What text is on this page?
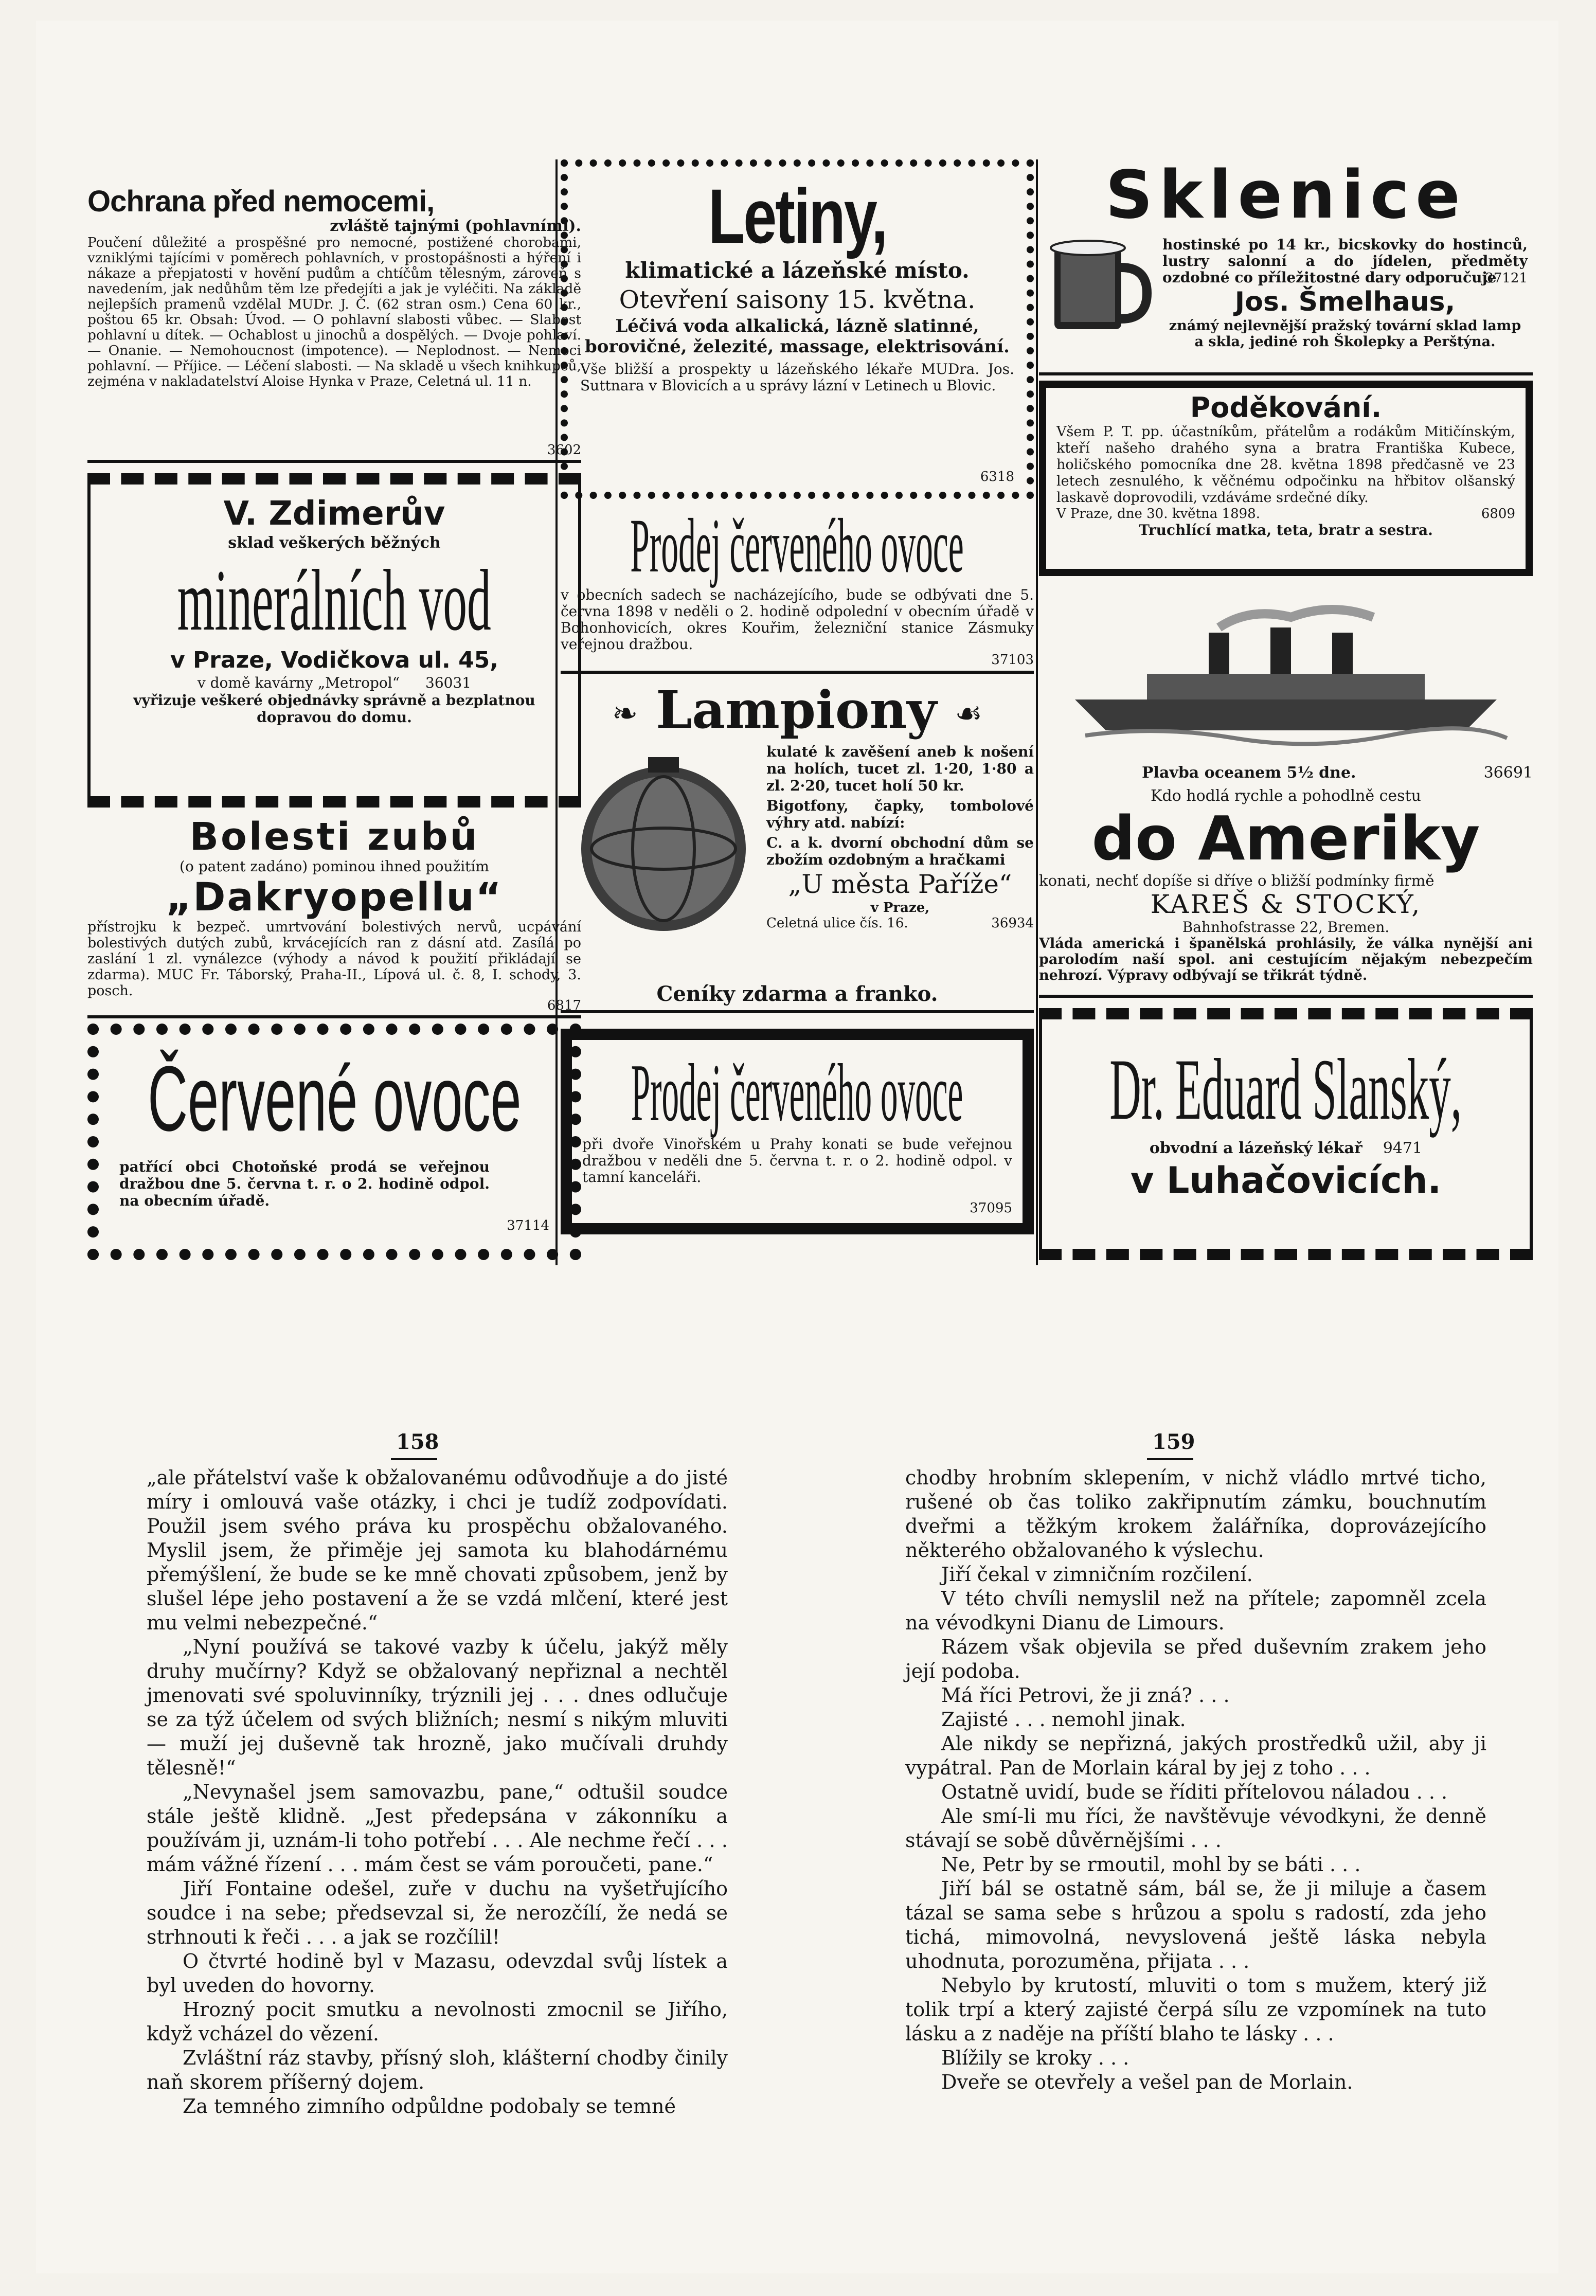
Ochrana před nemocemi,

zvláště tajnými (pohlavními).

Poučení důležité a prospěšné pro nemocné, postižené chorobami, vzniklými tajícími v poměrech pohlavních, v prostopášnosti a hýření i nákaze a přepjatosti v hovění pudům a chtíčům tělesným, zároveň s navedením, jak nedůhům těm lze předejíti a jak je vyléčiti. Na základě nejlepších pramenů vzdělal MUDr. J. Č. (62 stran osm.) Cena 60 kr., poštou 65 kr. Obsah: Úvod. — O pohlavní slabosti vůbec. — Slabost pohlavní u dítek. — Ochablost u jinochů a dospělých. — Dvoje pohlaví. — Onanie. — Nemohoucnost (impotence). — Neplodnost. — Nemoci pohlavní. — Příjice. — Léčení slabosti. — Na skladě u všech knihkupců, zejména v nakladatelství Aloise Hynka v Praze, Celetná ul. 11 n.

3602
Letiny,
klimatické a lázeňské místo.
Otevření saisony 15. května.

Léčivá voda alkalická, lázně slatinné, borovičné, železité, massage, elektrisování.

Vše bližší a prospekty u lázeňského lékaře MUDra. Jos. Suttnara v Blovicích a u správy lázní v Letinech u Blovic.

6318
Sklenice

hostinské po 14 kr., bicskovky do hostinců, lustry salonní a do jídelen, předměty ozdobné co příležitostné dary odporučuje

37121
Jos. Šmelhaus,

známý nejlevnější pražský tovární sklad lamp a skla, jediné roh Školepky a Perštýna.

Poděkování.

Všem P. T. pp. účastníkům, přátelům a rodákům Mitičínským, kteří našeho drahého syna a bratra Františka Kubece, holičského pomocníka dne 28. května 1898 předčasně ve 23 letech zesnulého, k věčnému odpočinku na hřbitov olšanský laskavě doprovodili, vzdáváme srdečné díky.

V Praze, dne 30. května 1898.	6809
Truchlící matka, teta, bratr a sestra.
V. Zdimerův
sklad veškerých běžných
minerálních vod
v Praze, Vodičkova ul. 45,
v domě kavárny „Metropol“ 36031

vyřizuje veškeré objednávky správně a bezplatnou dopravou do domu.

Prodej červeného ovoce

v obecních sadech se nacházejícího, bude se odbývati dne 5. června 1898 v neděli o 2. hodině odpolední v obecním úřadě v Bohonhovicích, okres Kouřim, železniční stanice Zásmuky veřejnou dražbou.

37103
❧ Lampiony ☙

kulaté k zavěšení aneb k nošení na holích, tucet zl. 1·20, 1·80 a zl. 2·20, tucet holí 50 kr.

Bigotfony, čapky, tombolové výhry atd. nabízí:

C. a k. dvorní obchodní dům se zbožím ozdobným a hračkami

„U města Paříže“
v Praze,
Celetná ulice čís. 16.	36934
Ceníky zdarma a franko.
Plavba oceanem 5½ dne.	36691
Kdo hodlá rychle a pohodlně cestu
do Ameriky

konati, nechť dopíše si dříve o bližší podmínky firmě

KAREŠ & STOCKÝ,
Bahnhofstrasse 22, Bremen.

Vláda americká i španělská prohlásily, že válka nynější ani parolodím naší spol. ani cestujícím nějakým nebezpečím nehrozí. Výpravy odbývají se třikrát týdně.

Bolesti zubů
(o patent zadáno) pominou ihned použitím
„Dakryopellu“

přístrojku k bezpeč. umrtvování bolestivých nervů, ucpávání bolestivých dutých zubů, krvácejících ran z dásní atd. Zasílá po zaslání 1 zl. vynálezce (výhody a návod k použití přikládají se zdarma). MUC Fr. Táborský, Praha-II., Lípová ul. č. 8, I. schody, 3. posch.

6817
Červené ovoce

patřící obci Chotoňské prodá se veřejnou dražbou dne 5. června t. r. o 2. hodině odpol. na obecním úřadě.

37114
Prodej červeného ovoce

při dvoře Vinořském u Prahy konati se bude veřejnou dražbou v neděli dne 5. června t. r. o 2. hodině odpol. v tamní kanceláři.

37095
Dr. Eduard Slanský,
obvodní a lázeňský lékař 9471
v Luhačovicích.
158	159

„ale přátelství vaše k obžalovanému odůvodňuje a do jisté míry i omlouvá vaše otázky, i chci je tudíž zodpovídati. Použil jsem svého práva ku prospěchu obžalovaného. Myslil jsem, že přiměje jej samota ku blahodárnému přemýšlení, že bude se ke mně chovati způsobem, jenž by slušel lépe jeho postavení a že se vzdá mlčení, které jest mu velmi nebezpečné.“

„Nyní používá se takové vazby k účelu, jakýž měly druhy mučírny? Když se obžalovaný nepřiznal a nechtěl jmenovati své spoluvinníky, trýznili jej . . . dnes odlučuje se za týž účelem od svých bližních; nesmí s nikým mluviti — muží jej duševně tak hrozně, jako mučívali druhdy tělesně!“

„Nevynašel jsem samovazbu, pane,“ odtušil soudce stále ještě klidně. „Jest předepsána v zákonníku a používám ji, uznám-li toho potřebí . . . Ale nechme řečí . . . mám vážné řízení . . . mám čest se vám poroučeti, pane.“

Jiří Fontaine odešel, zuře v duchu na vyšetřujícího soudce i na sebe; předsevzal si, že nerozčílí, že nedá se strhnouti k řeči . . . a jak se rozčílil!

O čtvrté hodině byl v Mazasu, odevzdal svůj lístek a byl uveden do hovorny.

Hrozný pocit smutku a nevolnosti zmocnil se Jiřího, když vcházel do vězení.

Zvláštní ráz stavby, přísný sloh, klášterní chodby činily naň skorem příšerný dojem.

Za temného zimního odpůldne podobaly se temné

chodby hrobním sklepením, v nichž vládlo mrtvé ticho, rušené ob čas toliko zakřipnutím zámku, bouchnutím dveřmi a těžkým krokem žalářníka, doprovázejícího některého obžalovaného k výslechu.

Jiří čekal v zimničním rozčilení.

V této chvíli nemyslil než na přítele; zapomněl zcela na vévodkyni Dianu de Limours.

Rázem však objevila se před duševním zrakem jeho její podoba.

Má říci Petrovi, že ji zná? . . .

Zajisté . . . nemohl jinak.

Ale nikdy se nepřizná, jakých prostředků užil, aby ji vypátral. Pan de Morlain káral by jej z toho . . .

Ostatně uvidí, bude se říditi přítelovou náladou . . .

Ale smí-li mu říci, že navštěvuje vévodkyni, že denně stávají se sobě důvěrnějšími . . .

Ne, Petr by se rmoutil, mohl by se báti . . .

Jiří bál se ostatně sám, bál se, že ji miluje a časem tázal se sama sebe s hrůzou a spolu s radostí, zda jeho tichá, mimovolná, nevyslovená ještě láska nebyla uhodnuta, porozuměna, přijata . . .

Nebylo by krutostí, mluviti o tom s mužem, který již tolik trpí a který zajisté čerpá sílu ze vzpomínek na tuto lásku a z naděje na příští blaho te lásky . . .

Blížily se kroky . . .

Dveře se otevřely a vešel pan de Morlain.
